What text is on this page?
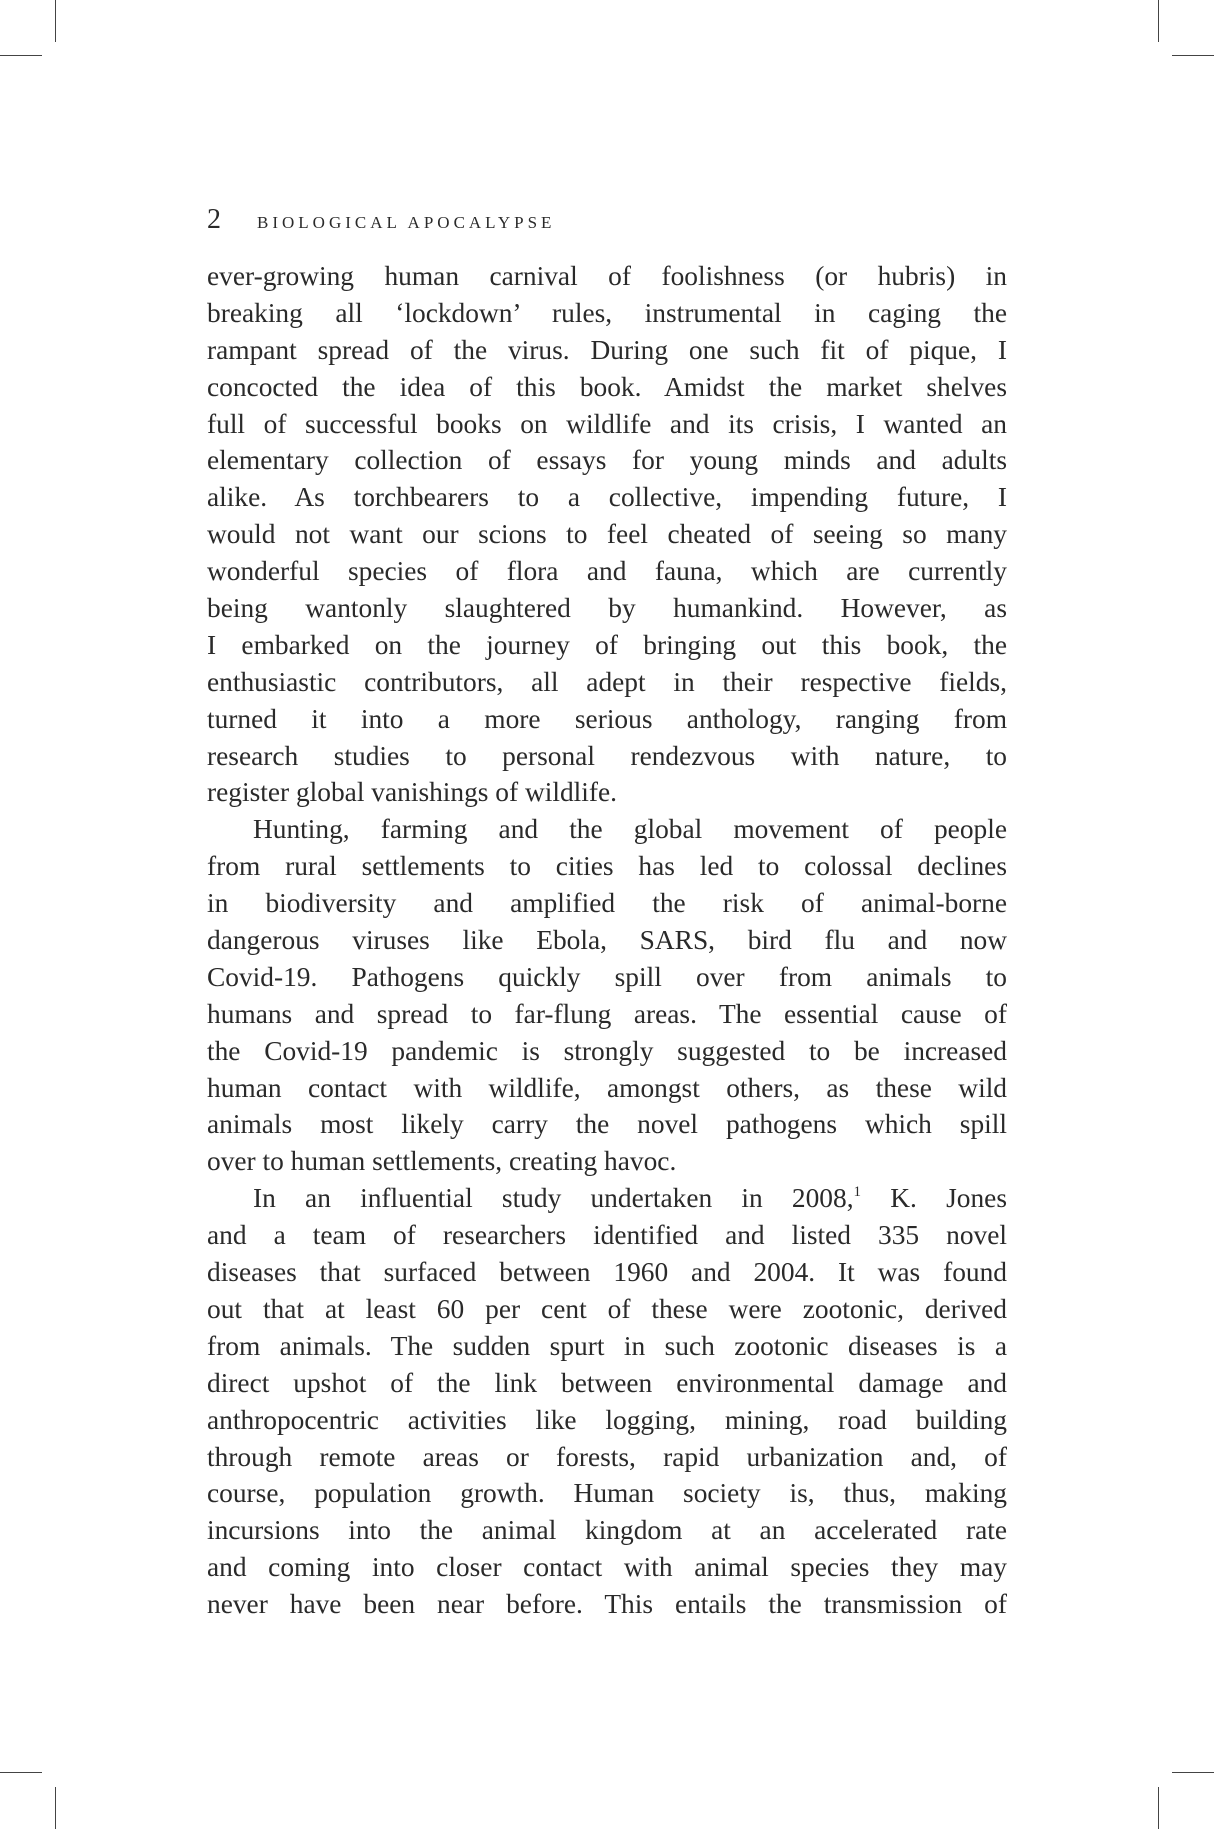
2 BIOLOGICAL APOCALYPSE
ever-growing human carnival of foolishness (or hubris) in
breaking all ‘lockdown’ rules, instrumental in caging the
rampant spread of the virus. During one such fit of pique, I
concocted the idea of this book. Amidst the market shelves
full of successful books on wildlife and its crisis, I wanted an
elementary collection of essays for young minds and adults
alike. As torchbearers to a collective, impending future, I
would not want our scions to feel cheated of seeing so many
wonderful species of flora and fauna, which are currently
being wantonly slaughtered by humankind. However, as
I embarked on the journey of bringing out this book, the
enthusiastic contributors, all adept in their respective fields,
turned it into a more serious anthology, ranging from
research studies to personal rendezvous with nature, to
register global vanishings of wildlife.
Hunting, farming and the global movement of people
from rural settlements to cities has led to colossal declines
in biodiversity and amplified the risk of animal-borne
dangerous viruses like Ebola, SARS, bird flu and now
Covid-19. Pathogens quickly spill over from animals to
humans and spread to far-flung areas. The essential cause of
the Covid-19 pandemic is strongly suggested to be increased
human contact with wildlife, amongst others, as these wild
animals most likely carry the novel pathogens which spill
over to human settlements, creating havoc.
In an influential study undertaken in 2008,$^1$ K. Jones
and a team of researchers identified and listed 335 novel
diseases that surfaced between 1960 and 2004. It was found
out that at least 60 per cent of these were zootonic, derived
from animals. The sudden spurt in such zootonic diseases is a
direct upshot of the link between environmental damage and
anthropocentric activities like logging, mining, road building
through remote areas or forests, rapid urbanization and, of
course, population growth. Human society is, thus, making
incursions into the animal kingdom at an accelerated rate
and coming into closer contact with animal species they may
never have been near before. This entails the transmission of
